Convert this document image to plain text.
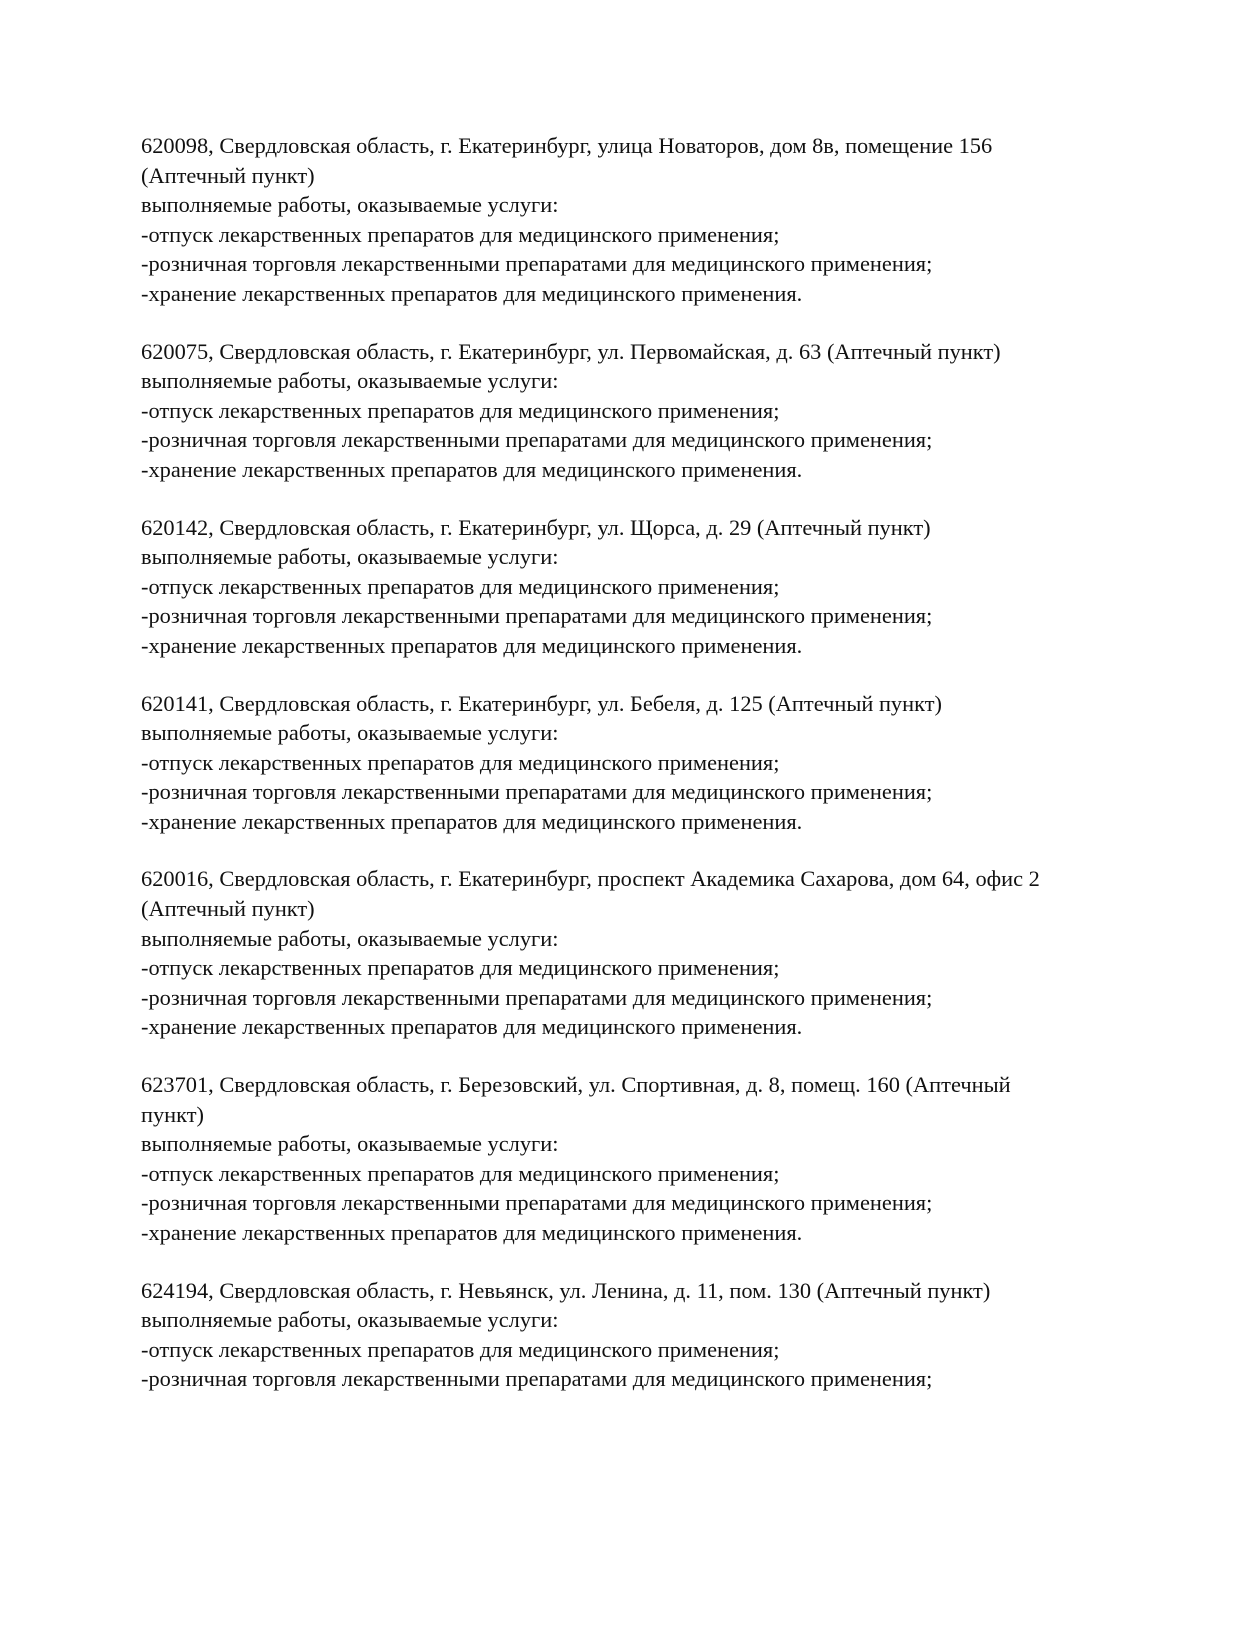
620098, Свердловская область, г. Екатеринбург, улица Новаторов, дом 8в, помещение 156
(Аптечный пункт)
выполняемые работы, оказываемые услуги:
-отпуск лекарственных препаратов для медицинского применения;
-розничная торговля лекарственными препаратами для медицинского применения;
-хранение лекарственных препаратов для медицинского применения.
620075, Свердловская область, г. Екатеринбург, ул. Первомайская, д. 63 (Аптечный пункт)
выполняемые работы, оказываемые услуги:
-отпуск лекарственных препаратов для медицинского применения;
-розничная торговля лекарственными препаратами для медицинского применения;
-хранение лекарственных препаратов для медицинского применения.
620142, Свердловская область, г. Екатеринбург, ул. Щорса, д. 29 (Аптечный пункт)
выполняемые работы, оказываемые услуги:
-отпуск лекарственных препаратов для медицинского применения;
-розничная торговля лекарственными препаратами для медицинского применения;
-хранение лекарственных препаратов для медицинского применения.
620141, Свердловская область, г. Екатеринбург, ул. Бебеля, д. 125 (Аптечный пункт)
выполняемые работы, оказываемые услуги:
-отпуск лекарственных препаратов для медицинского применения;
-розничная торговля лекарственными препаратами для медицинского применения;
-хранение лекарственных препаратов для медицинского применения.
620016, Свердловская область, г. Екатеринбург, проспект Академика Сахарова, дом 64, офис 2
(Аптечный пункт)
выполняемые работы, оказываемые услуги:
-отпуск лекарственных препаратов для медицинского применения;
-розничная торговля лекарственными препаратами для медицинского применения;
-хранение лекарственных препаратов для медицинского применения.
623701, Свердловская область, г. Березовский, ул. Спортивная, д. 8, помещ. 160 (Аптечный
пункт)
выполняемые работы, оказываемые услуги:
-отпуск лекарственных препаратов для медицинского применения;
-розничная торговля лекарственными препаратами для медицинского применения;
-хранение лекарственных препаратов для медицинского применения.
624194, Свердловская область, г. Невьянск, ул. Ленина, д. 11, пом. 130 (Аптечный пункт)
выполняемые работы, оказываемые услуги:
-отпуск лекарственных препаратов для медицинского применения;
-розничная торговля лекарственными препаратами для медицинского применения;
